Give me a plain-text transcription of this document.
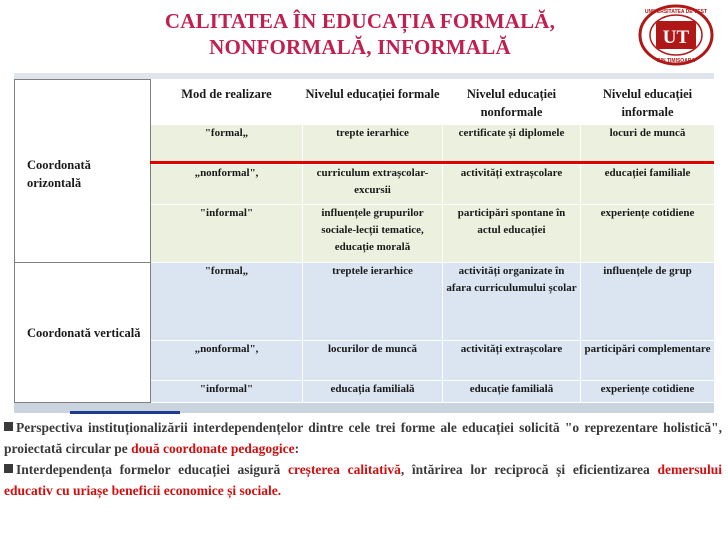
CALITATEA ÎN EDUCAȚIA FORMALĂ,
NONFORMALĂ, INFORMALĂ	UT
UNIVERSITATEA DE VEST
DIN TIMIȘOARA
Coordonată orizontală	Mod de realizare	Nivelul educației formale	Nivelul educației nonformale	Nivelul educației informale
	"formal„	trepte ierarhice	certificate și diplomele	locuri de muncă
	„nonformal",	curriculum extrașcolar-excursii	activități extrașcolare	educației familiale
	"informal"	influențele grupurilor sociale-lecții tematice, educație morală	participări spontane în actul educației	experiențe cotidiene
Coordonată verticală	"formal„	treptele ierarhice	activități organizate în afara curriculumului școlar	influențele de grup
	„nonformal",	locurilor de muncă	activități extrașcolare	participări complementare
	"informal"	educația familială	educație familială	experiențe cotidiene

Perspectiva instituționalizării interdependențelor dintre cele trei forme ale educației solicită "o reprezentare holistică", proiectată circular pe două coordonate pedagogice:

Interdependența formelor educației asigură creșterea calitativă, întărirea lor reciprocă și eficientizarea demersului educativ cu uriașe beneficii economice și sociale.
